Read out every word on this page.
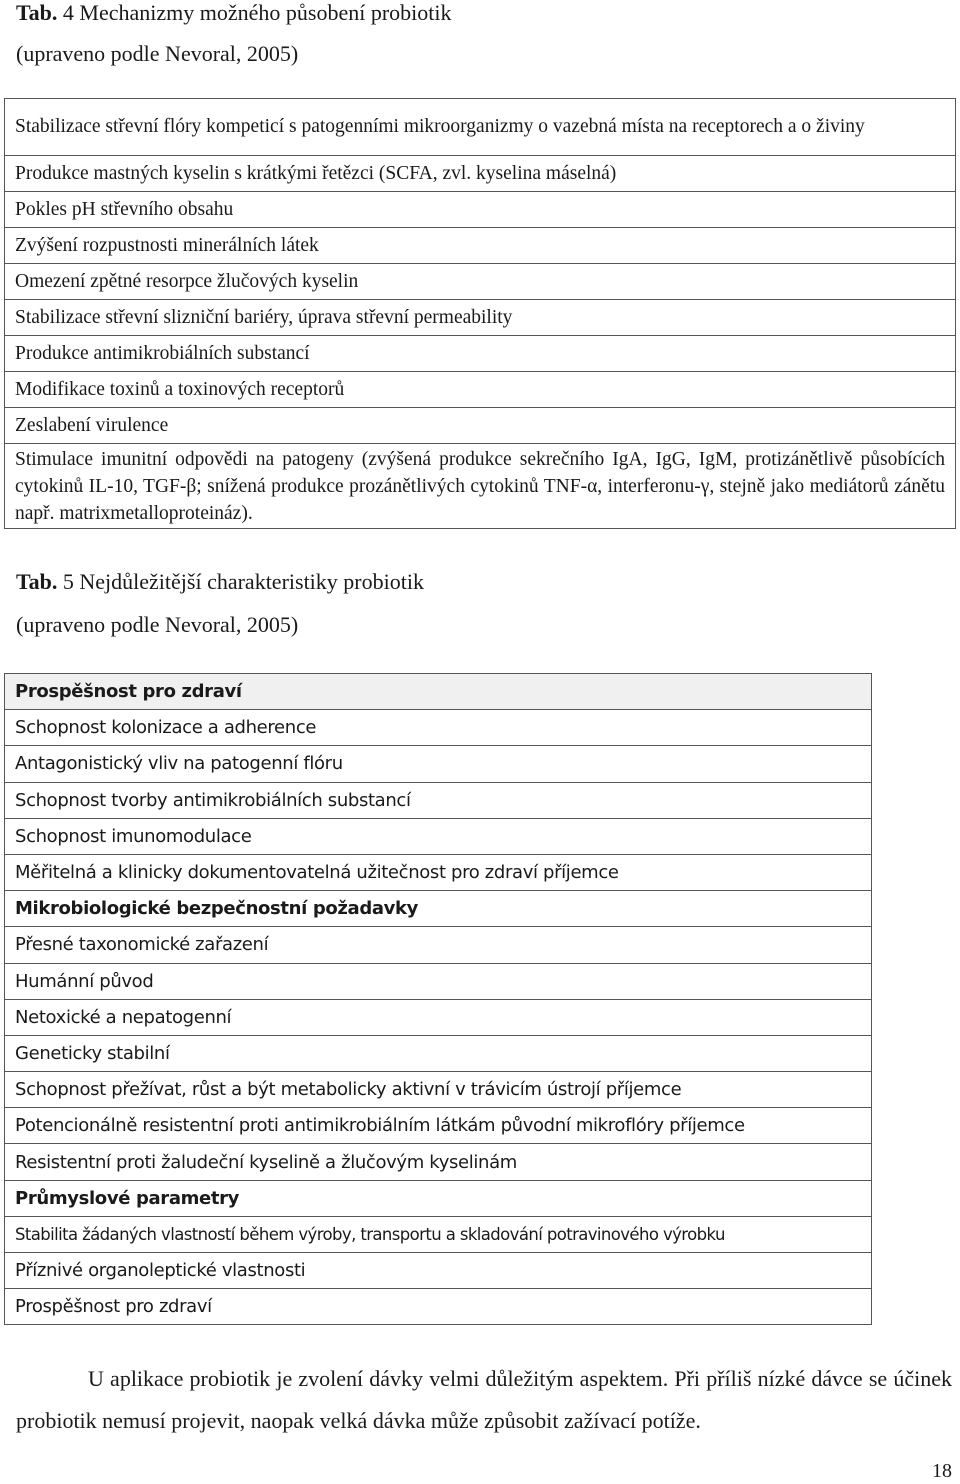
Tab. 4 Mechanizmy možného působení probiotik
(upraveno podle Nevoral, 2005)
Stabilizace střevní flóry kompeticí s patogenními mikroorganizmy o vazebná místa na receptorech a o živiny
Produkce mastných kyselin s krátkými řetězci (SCFA, zvl. kyselina máselná)
Pokles pH střevního obsahu
Zvýšení rozpustnosti minerálních látek
Omezení zpětné resorpce žlučových kyselin
Stabilizace střevní slizniční bariéry, úprava střevní permeability
Produkce antimikrobiálních substancí
Modifikace toxinů a toxinových receptorů
Zeslabení virulence
Stimulace imunitní odpovědi na patogeny (zvýšená produkce sekrečního IgA, IgG, IgM, protizánětlivě působících cytokinů IL-10, TGF-β; snížená produkce prozánětlivých cytokinů TNF-α, interferonu-γ, stejně jako mediátorů zánětu např. matrixmetalloproteináz).
Tab. 5 Nejdůležitější charakteristiky probiotik
(upraveno podle Nevoral, 2005)
Prospěšnost pro zdraví
Schopnost kolonizace a adherence
Antagonistický vliv na patogenní flóru
Schopnost tvorby antimikrobiálních substancí
Schopnost imunomodulace
Měřitelná a klinicky dokumentovatelná užitečnost pro zdraví příjemce
Mikrobiologické bezpečnostní požadavky
Přesné taxonomické zařazení
Humánní původ
Netoxické a nepatogenní
Geneticky stabilní
Schopnost přežívat, růst a být metabolicky aktivní v trávicím ústrojí příjemce
Potencionálně resistentní proti antimikrobiálním látkám původní mikroflóry příjemce
Resistentní proti žaludeční kyselině a žlučovým kyselinám
Průmyslové parametry
Stabilita žádaných vlastností během výroby, transportu a skladování potravinového výrobku
Příznivé organoleptické vlastnosti
Prospěšnost pro zdraví
U aplikace probiotik je zvolení dávky velmi důležitým aspektem. Při příliš nízké dávce se účinek probiotik nemusí projevit, naopak velká dávka může způsobit zažívací potíže.
18
